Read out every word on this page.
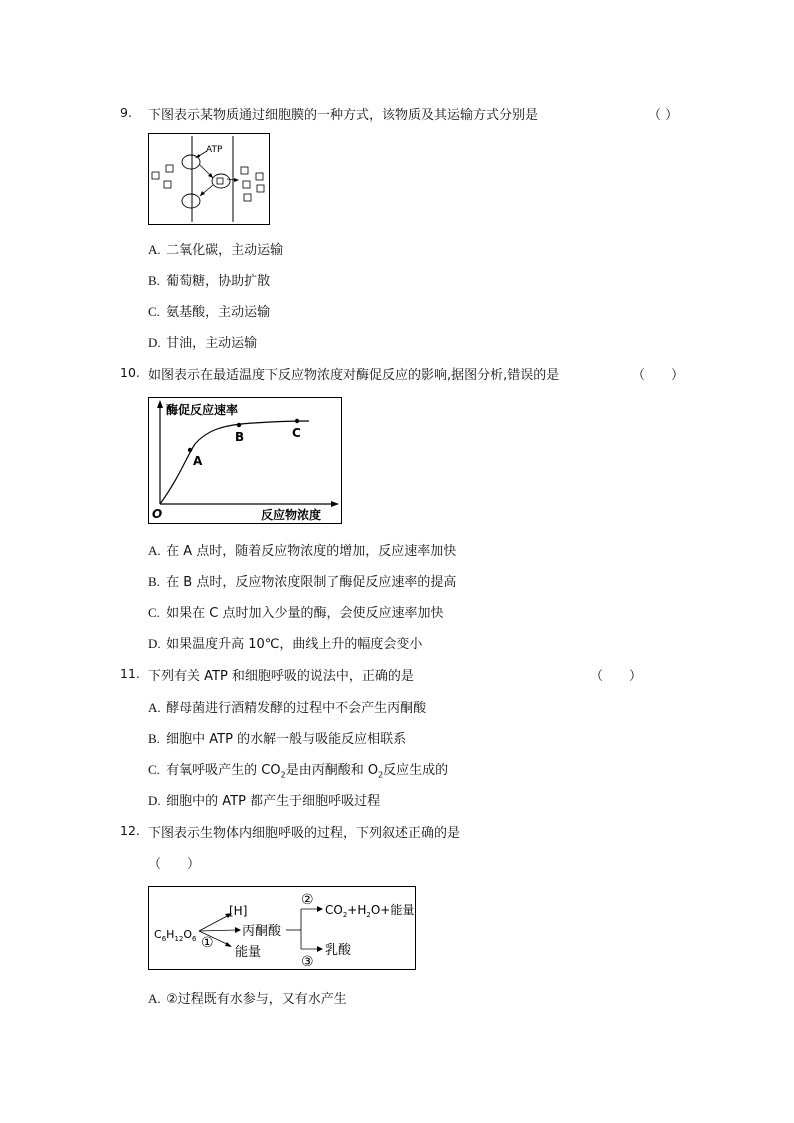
9. 下图表示某物质通过细胞膜的一种方式，该物质及其运输方式分别是	（ ）
ATP
A. 二氧化碳，主动运输
B. 葡萄糖，协助扩散
C. 氨基酸，主动运输
D. 甘油，主动运输
10. 如图表示在最适温度下反应物浓度对酶促反应的影响,据图分析,错误的是	（　　）
酶促反应速率
反应物浓度
O
A
B	C
A. 在 A 点时，随着反应物浓度的增加，反应速率加快
B. 在 B 点时，反应物浓度限制了酶促反应速率的提高
C. 如果在 C 点时加入少量的酶，会使反应速率加快
D. 如果温度升高 10℃，曲线上升的幅度会变小
11. 下列有关 ATP 和细胞呼吸的说法中，正确的是	（　　）
A. 酵母菌进行酒精发酵的过程中不会产生丙酮酸
B. 细胞中 ATP 的水解一般与吸能反应相联系
C. 有氧呼吸产生的 $CO_2$是由丙酮酸和 $O_2$反应生成的
D. 细胞中的 ATP 都产生于细胞呼吸过程
12. 下图表示生物体内细胞呼吸的过程，下列叙述正确的是
（　　）
$C_6H_{12}O_6$ ①
[H]
丙酮酸
能量
②
③
$CO_2+H_2O+$能量
乳酸
A. ②过程既有水参与，又有水产生
